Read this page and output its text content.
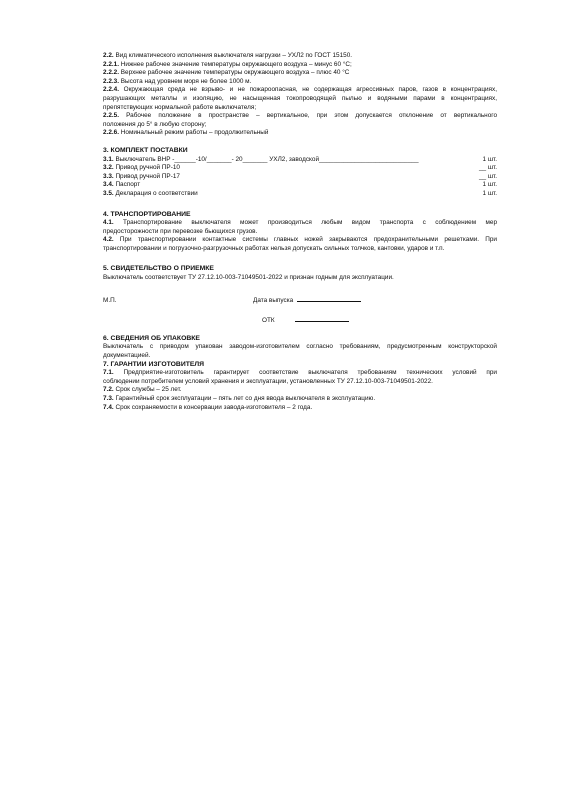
2.2. Вид климатического исполнения выключателя нагрузки – УХЛ2 по ГОСТ 15150.

2.2.1. Нижнее рабочее значение температуры окружающего воздуха – минус 60 °С;

2.2.2. Верхнее рабочее значение температуры окружающего воздуха – плюс 40 °С

2.2.3. Высота над уровнем моря не более 1000 м.

2.2.4. Окружающая среда не взрыво- и не пожароопасная, не содержащая агрессивных паров, газов в концентрациях,

разрушающих металлы и изоляцию, не насыщенная токопроводящей пылью и водяными парами в концентрациях,

препятствующих нормальной работе выключателя;

2.2.5. Рабочее положение в пространстве – вертикальное, при этом допускается отклонение от вертикального

положения до 5° в любую сторону;

2.2.6. Номинальный режим работы – продолжительный

3. КОМПЛЕКТ ПОСТАВКИ

3.1. Выключатель ВНР -______-10/_______- 20_______ УХЛ2, заводской____________________________	1 шт.
3.2. Привод ручной ПР-10	__ шт.
3.3. Привод ручной ПР-17	__ шт.
3.4. Паспорт	1 шт.
3.5. Декларация о соответствии	1 шт.

4. ТРАНСПОРТИРОВАНИЕ

4.1. Транспортирование выключателя может производиться любым видом транспорта с соблюдением мер

предосторожности при перевозке бьющихся грузов.

4.2. При транспортировании контактные системы главных ножей закрываются предохранительными решетками. При

транспортировании и погрузочно-разгрузочных работах нельзя допускать сильных толчков, кантовки, ударов и т.п.

5. СВИДЕТЕЛЬСТВО О ПРИЕМКЕ

Выключатель соответствует ТУ 27.12.10-003-71049501-2022 и признан годным для эксплуатации.

М.П.	Дата выпуска
ОТК

6. СВЕДЕНИЯ ОБ УПАКОВКЕ

Выключатель с приводом упакован заводом-изготовителем согласно требованиям, предусмотренным конструкторской

документацией.

7. ГАРАНТИИ ИЗГОТОВИТЕЛЯ

7.1. Предприятие-изготовитель гарантирует соответствие выключателя требованиям технических условий при

соблюдении потребителем условий хранения и эксплуатации, установленных ТУ 27.12.10-003-71049501-2022.

7.2. Срок службы – 25 лет.

7.3. Гарантийный срок эксплуатации – пять лет со дня ввода выключателя в эксплуатацию.

7.4. Срок сохраняемости в консервации завода-изготовителя – 2 года.
